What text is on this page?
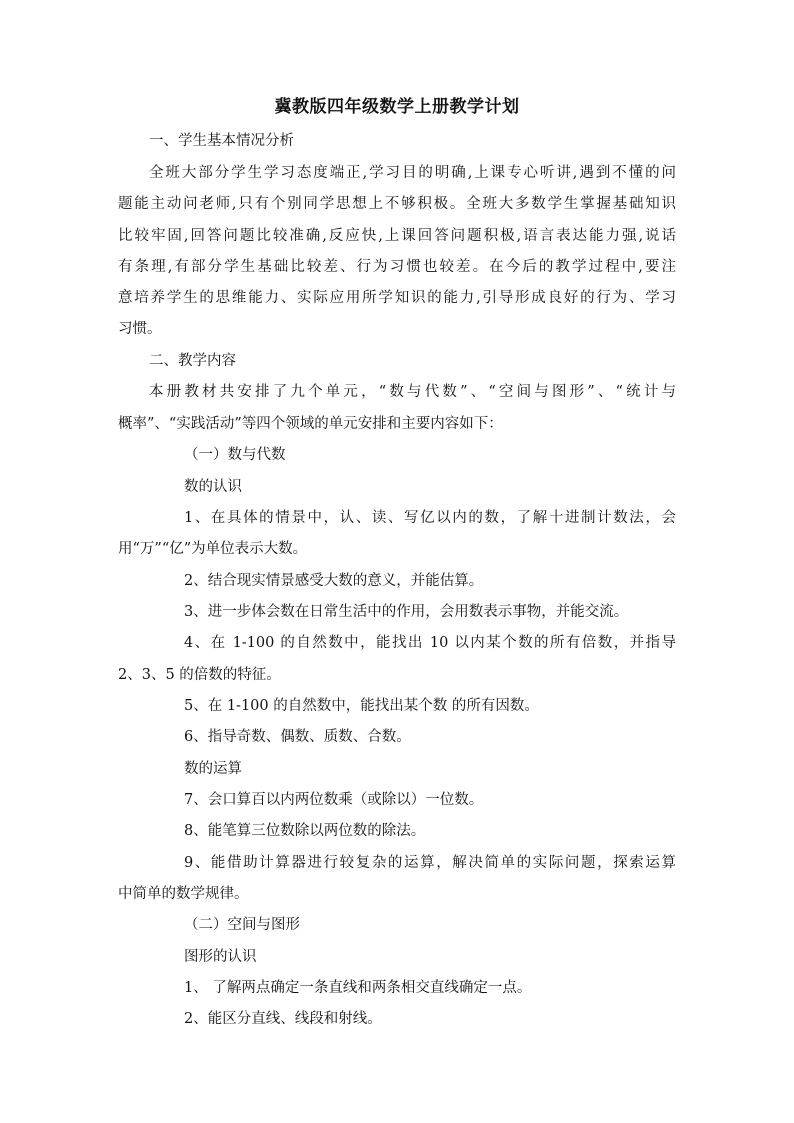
冀教版四年级数学上册教学计划
一、学生基本情况分析
全班大部分学生学习态度端正,学习目的明确,上课专心听讲,遇到不懂的问
题能主动问老师,只有个别同学思想上不够积极。全班大多数学生掌握基础知识
比较牢固,回答问题比较准确,反应快,上课回答问题积极,语言表达能力强,说话
有条理,有部分学生基础比较差、行为习惯也较差。在今后的教学过程中,要注
意培养学生的思维能力、实际应用所学知识的能力,引导形成良好的行为、学习
习惯。
二、教学内容
本册教材共安排了九个单元，“数与代数”、“空间与图形”、“统计与
概率”、“实践活动”等四个领域的单元安排和主要内容如下：
（一）数与代数
数的认识
1、在具体的情景中，认、读、写亿以内的数，了解十进制计数法，会
用“万”“亿”为单位表示大数。
2、结合现实情景感受大数的意义，并能估算。
3、进一步体会数在日常生活中的作用，会用数表示事物，并能交流。
4、在 1-100 的自然数中，能找出 10 以内某个数的所有倍数，并指导
2、3、5 的倍数的特征。
5、在 1-100 的自然数中，能找出某个数 的所有因数。
6、指导奇数、偶数、质数、合数。
数的运算
7、会口算百以内两位数乘（或除以）一位数。
8、能笔算三位数除以两位数的除法。
9、能借助计算器进行较复杂的运算，解决简单的实际问题，探索运算
中简单的数学规律。
（二）空间与图形
图形的认识
1、 了解两点确定一条直线和两条相交直线确定一点。
2、能区分直线、线段和射线。
